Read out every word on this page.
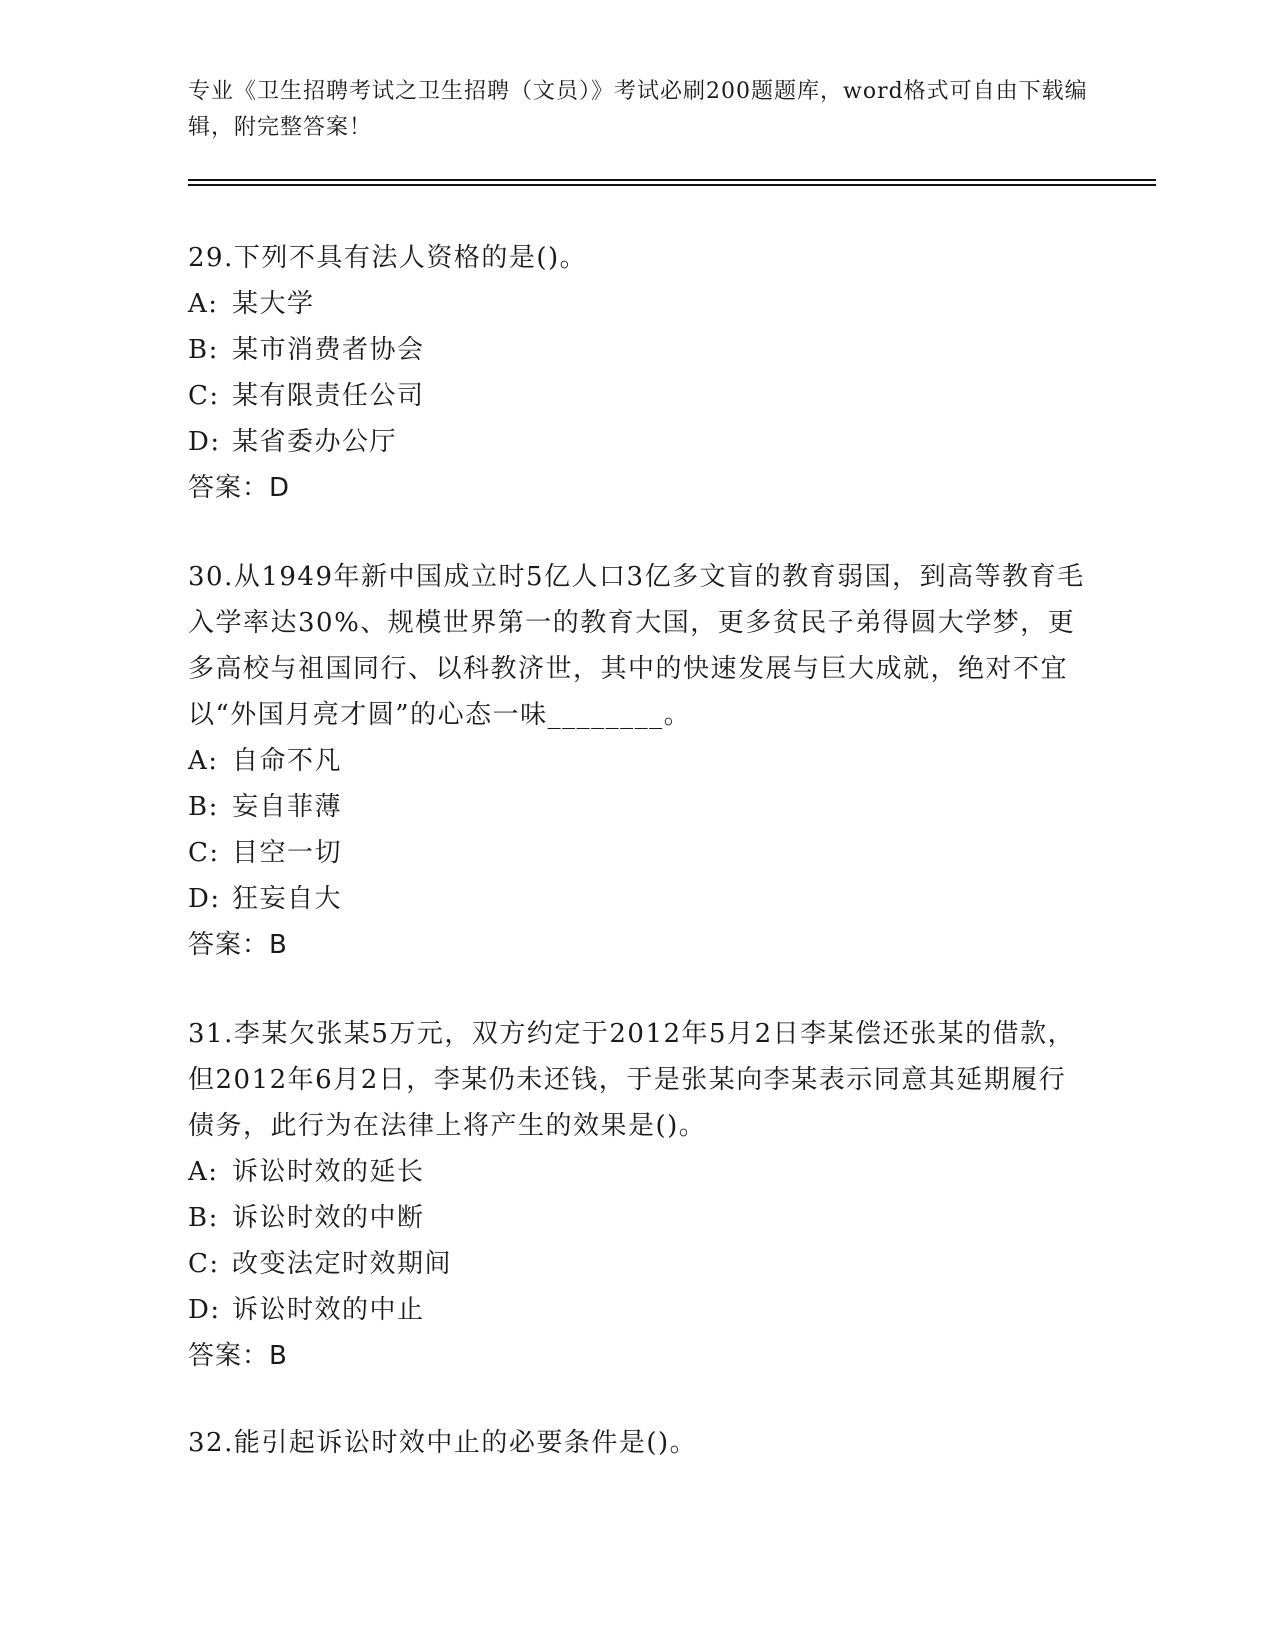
专业《卫生招聘考试之卫生招聘（文员）》考试必刷200题题库，word格式可自由下载编辑，附完整答案！

29.下列不具有法人资格的是()。

A: 某大学

B: 某市消费者协会

C: 某有限责任公司

D: 某省委办公厅

答案：D

30.从1949年新中国成立时5亿人口3亿多文盲的教育弱国，到高等教育毛入学率达30%、规模世界第一的教育大国，更多贫民子弟得圆大学梦，更多高校与祖国同行、以科教济世，其中的快速发展与巨大成就，绝对不宜以“外国月亮才圆”的心态一味________。

A: 自命不凡

B: 妄自菲薄

C: 目空一切

D: 狂妄自大

答案：B

31.李某欠张某5万元，双方约定于2012年5月2日李某偿还张某的借款，但2012年6月2日，李某仍未还钱，于是张某向李某表示同意其延期履行债务，此行为在法律上将产生的效果是()。

A: 诉讼时效的延长

B: 诉讼时效的中断

C: 改变法定时效期间

D: 诉讼时效的中止

答案：B

32.能引起诉讼时效中止的必要条件是()。
